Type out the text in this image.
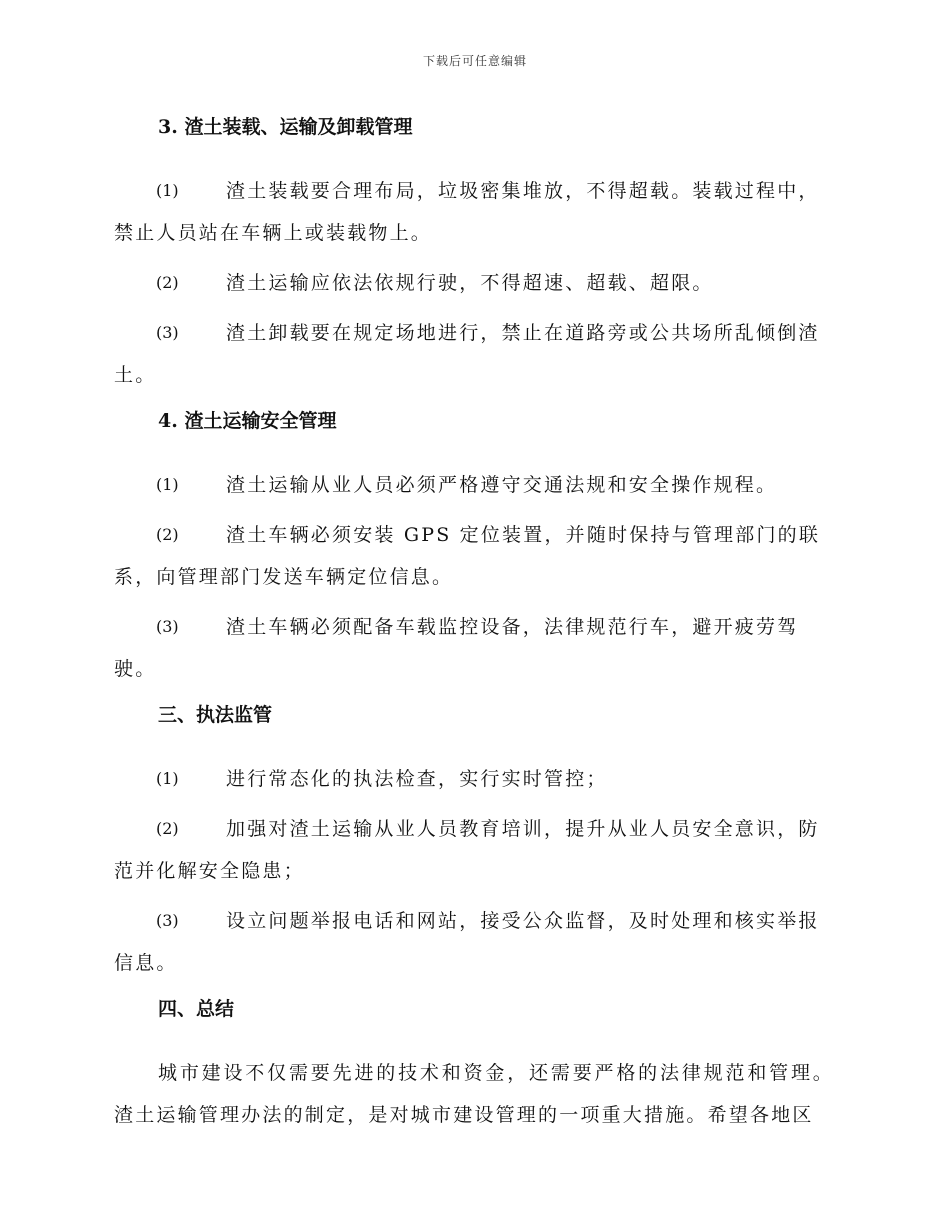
下载后可任意编辑
3. 渣土装载、运输及卸载管理
(1)	渣土装载要合理布局，垃圾密集堆放，不得超载。装载过程中，
禁止人员站在车辆上或装载物上。
(2)	渣土运输应依法依规行驶，不得超速、超载、超限。
(3)	渣土卸载要在规定场地进行，禁止在道路旁或公共场所乱倾倒渣
土。
4. 渣土运输安全管理
(1)	渣土运输从业人员必须严格遵守交通法规和安全操作规程。
(2)	渣土车辆必须安装 GPS 定位装置，并随时保持与管理部门的联
系，向管理部门发送车辆定位信息。
(3)	渣土车辆必须配备车载监控设备，法律规范行车，避开疲劳驾
驶。
三、执法监管
(1)	进行常态化的执法检查，实行实时管控；
(2)	加强对渣土运输从业人员教育培训，提升从业人员安全意识，防
范并化解安全隐患；
(3)	设立问题举报电话和网站，接受公众监督，及时处理和核实举报
信息。
四、总结
城市建设不仅需要先进的技术和资金，还需要严格的法律规范和管理。渣土运输管理办法的制定，是对城市建设管理的一项重大措施。希望各地区
